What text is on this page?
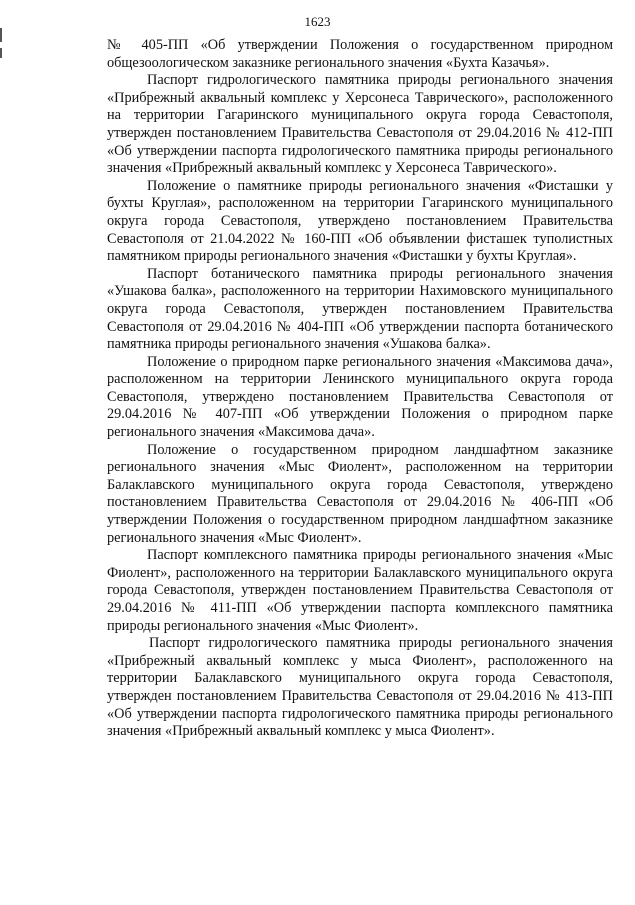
1623

№ 405-ПП «Об утверждении Положения о государственном природном общезоологическом заказнике регионального значения «Бухта Казачья».

Паспорт гидрологического памятника природы регионального значения «Прибрежный аквальный комплекс у Херсонеса Таврического», расположенного на территории Гагаринского муниципального округа города Севастополя, утвержден постановлением Правительства Севастополя от 29.04.2016 № 412-ПП «Об утверждении паспорта гидрологического памятника природы регионального значения «Прибрежный аквальный комплекс у Херсонеса Таврического».

Положение о памятнике природы регионального значения «Фисташки у бухты Круглая», расположенном на территории Гагаринского муниципального округа города Севастополя, утверждено постановлением Правительства Севастополя от 21.04.2022 № 160-ПП «Об объявлении фисташек туполистных памятником природы регионального значения «Фисташки у бухты Круглая».

Паспорт ботанического памятника природы регионального значения «Ушакова балка», расположенного на территории Нахимовского муниципального округа города Севастополя, утвержден постановлением Правительства Севастополя от 29.04.2016 № 404-ПП «Об утверждении паспорта ботанического памятника природы регионального значения «Ушакова балка».

Положение о природном парке регионального значения «Максимова дача», расположенном на территории Ленинского муниципального округа города Севастополя, утверждено постановлением Правительства Севастополя от 29.04.2016 № 407-ПП «Об утверждении Положения о природном парке регионального значения «Максимова дача».

Положение о государственном природном ландшафтном заказнике регионального значения «Мыс Фиолент», расположенном на территории Балаклавского муниципального округа города Севастополя, утверждено постановлением Правительства Севастополя от 29.04.2016 № 406-ПП «Об утверждении Положения о государственном природном ландшафтном заказнике регионального значения «Мыс Фиолент».

Паспорт комплексного памятника природы регионального значения «Мыс Фиолент», расположенного на территории Балаклавского муниципального округа города Севастополя, утвержден постановлением Правительства Севастополя от 29.04.2016 № 411-ПП «Об утверждении паспорта комплексного памятника природы регионального значения «Мыс Фиолент».

Паспорт гидрологического памятника природы регионального значения «Прибрежный аквальный комплекс у мыса Фиолент», расположенного на территории Балаклавского муниципального округа города Севастополя, утвержден постановлением Правительства Севастополя от 29.04.2016 № 413-ПП «Об утверждении паспорта гидрологического памятника природы регионального значения «Прибрежный аквальный комплекс у мыса Фиолент».
